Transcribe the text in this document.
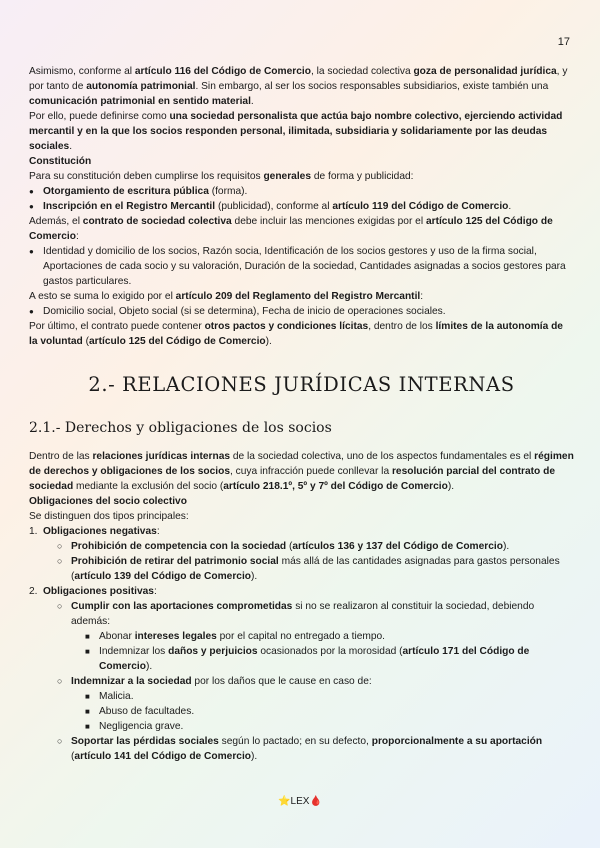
17

Asimismo, conforme al artículo 116 del Código de Comercio, la sociedad colectiva goza de personalidad jurídica, y por tanto de autonomía patrimonial. Sin embargo, al ser los socios responsables subsidiarios, existe también una comunicación patrimonial en sentido material.

Por ello, puede definirse como una sociedad personalista que actúa bajo nombre colectivo, ejerciendo actividad mercantil y en la que los socios responden personal, ilimitada, subsidiaria y solidariamente por las deudas sociales.

Constitución

Para su constitución deben cumplirse los requisitos generales de forma y publicidad:

● Otorgamiento de escritura pública (forma).
● Inscripción en el Registro Mercantil (publicidad), conforme al artículo 119 del Código de Comercio.

Además, el contrato de sociedad colectiva debe incluir las menciones exigidas por el artículo 125 del Código de Comercio:

● Identidad y domicilio de los socios, Razón socia, Identificación de los socios gestores y uso de la firma social, Aportaciones de cada socio y su valoración, Duración de la sociedad, Cantidades asignadas a socios gestores para gastos particulares.

A esto se suma lo exigido por el artículo 209 del Reglamento del Registro Mercantil:

● Domicilio social, Objeto social (si se determina), Fecha de inicio de operaciones sociales.

Por último, el contrato puede contener otros pactos y condiciones lícitas, dentro de los límites de la autonomía de la voluntad (artículo 125 del Código de Comercio).

2.- RELACIONES JURÍDICAS INTERNAS
2.1.- Derechos y obligaciones de los socios

Dentro de las relaciones jurídicas internas de la sociedad colectiva, uno de los aspectos fundamentales es el régimen de derechos y obligaciones de los socios, cuya infracción puede conllevar la resolución parcial del contrato de sociedad mediante la exclusión del socio (artículo 218.1º, 5º y 7º del Código de Comercio).

Obligaciones del socio colectivo

Se distinguen dos tipos principales:

1. Obligaciones negativas:
○ Prohibición de competencia con la sociedad (artículos 136 y 137 del Código de Comercio).
○ Prohibición de retirar del patrimonio social más allá de las cantidades asignadas para gastos personales (artículo 139 del Código de Comercio).
2. Obligaciones positivas:
○ Cumplir con las aportaciones comprometidas si no se realizaron al constituir la sociedad, debiendo además:
■ Abonar intereses legales por el capital no entregado a tiempo.
■ Indemnizar los daños y perjuicios ocasionados por la morosidad (artículo 171 del Código de Comercio).
○ Indemnizar a la sociedad por los daños que le cause en caso de:
■ Malicia.
■ Abuso de facultades.
■ Negligencia grave.
○ Soportar las pérdidas sociales según lo pactado; en su defecto, proporcionalmente a su aportación (artículo 141 del Código de Comercio).
⭐LEX🩸
